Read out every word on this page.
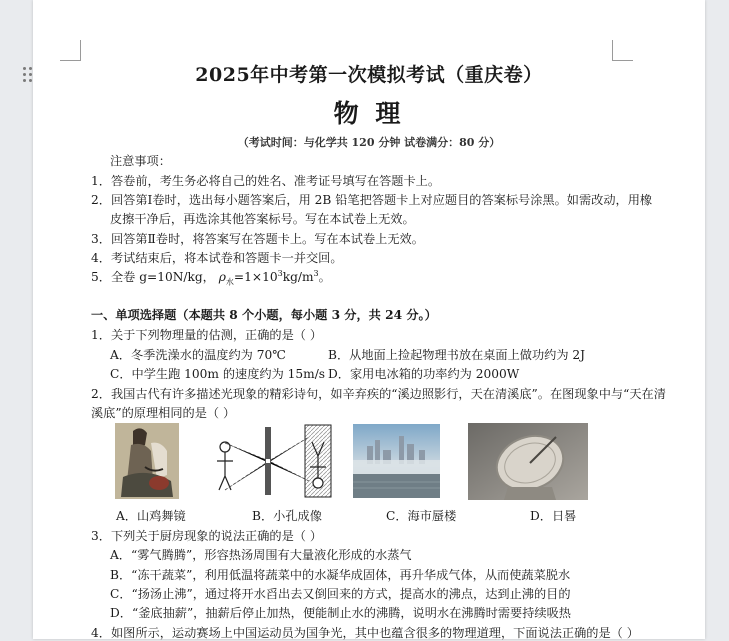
2025年中考第一次模拟考试（重庆卷）
物 理
（考试时间：与化学共 120 分钟 试卷满分：80 分）
注意事项：
1．答卷前，考生务必将自己的姓名、准考证号填写在答题卡上。
2．回答第Ⅰ卷时，选出每小题答案后，用 2B 铅笔把答题卡上对应题目的答案标号涂黑。如需改动，用橡
皮擦干净后，再选涂其他答案标号。写在本试卷上无效。
3．回答第Ⅱ卷时，将答案写在答题卡上。写在本试卷上无效。
4．考试结束后，将本试卷和答题卡一并交回。
5．全卷 g=10N/kg， $\rho_水=1\times 10^3kg/m^3$。
一、单项选择题（本题共 8 个小题，每小题 3 分，共 24 分。）
1．关于下列物理量的估测，正确的是（ ）
A．冬季洗澡水的温度约为 70℃	B．从地面上捡起物理书放在桌面上做功约为 2J
C．中学生跑 100m 的速度约为 15m/s D．家用电冰箱的功率约为 2000W
2．我国古代有许多描述光现象的精彩诗句，如辛弃疾的“溪边照影行，天在清溪底”。在图现象中与“天在清
溪底”的原理相同的是（ ）
A．山鸡舞镜	B．小孔成像	C．海市蜃楼	D．日晷
3．下列关于厨房现象的说法正确的是（ ）
A．“雾气腾腾”，形容热汤周围有大量液化形成的水蒸气
B．“冻干蔬菜”，利用低温将蔬菜中的水凝华成固体，再升华成气体，从而使蔬菜脱水
C．“扬汤止沸”，通过将开水舀出去又倒回来的方式，提高水的沸点，达到止沸的目的
D．“釜底抽薪”，抽薪后停止加热，便能制止水的沸腾，说明水在沸腾时需要持续吸热
4．如图所示，运动赛场上中国运动员为国争光，其中也蕴含很多的物理道理，下面说法正确的是（ ）
